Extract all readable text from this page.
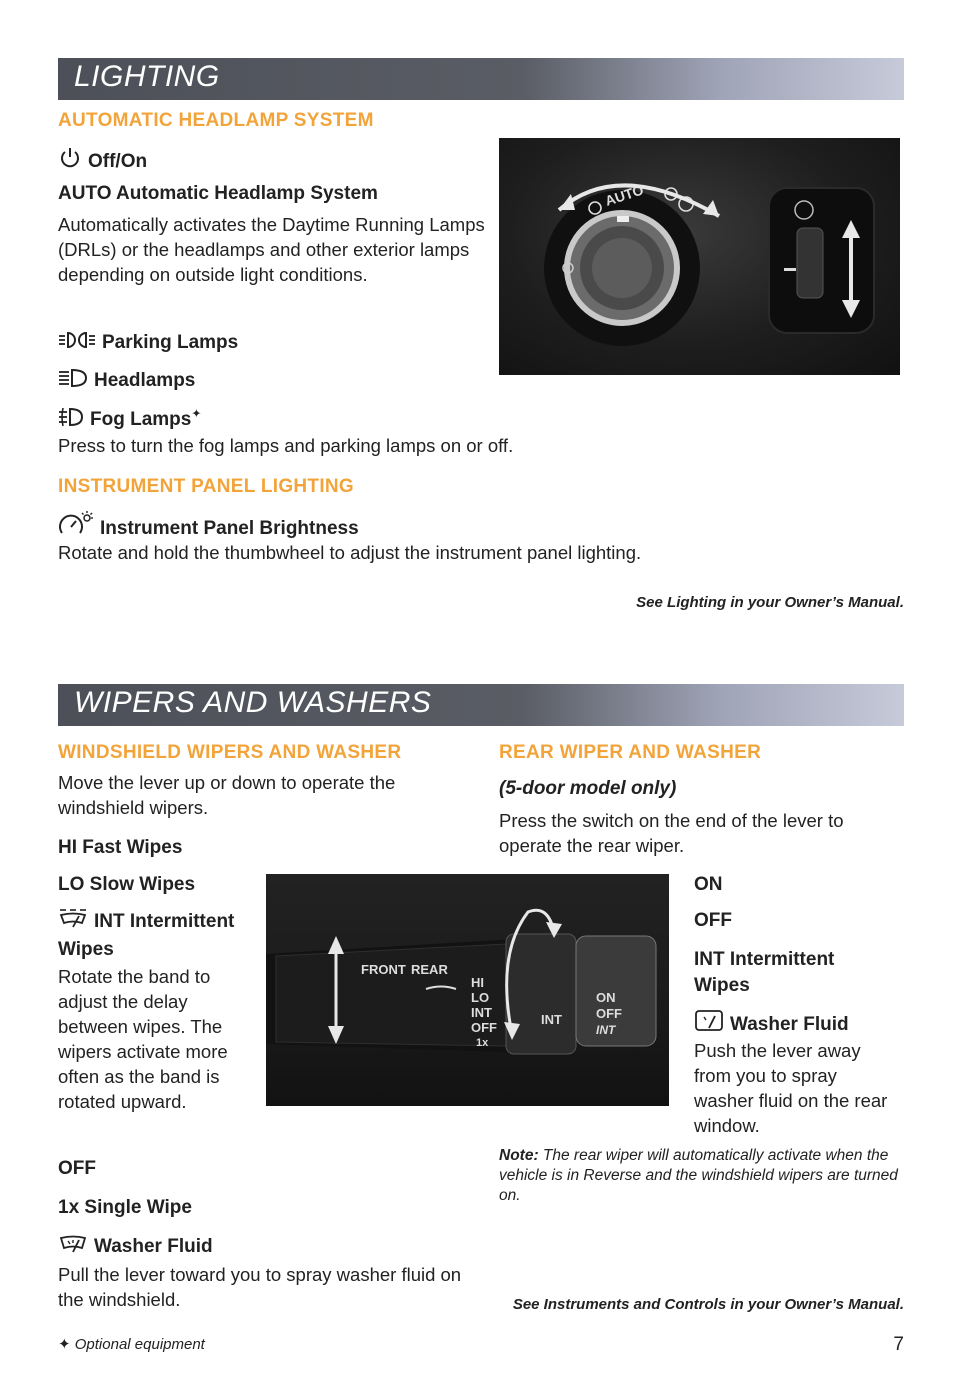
LIGHTING
AUTOMATIC HEADLAMP SYSTEM
Off/On
AUTO Automatic Headlamp System
Automatically activates the Daytime Running Lamps (DRLs) or the headlamps and other exterior lamps depending on outside light conditions.
Parking Lamps
Headlamps
Fog Lamps✦
Press to turn the fog lamps and parking lamps on or off.
AUTO
INSTRUMENT PANEL LIGHTING
Instrument Panel Brightness
Rotate and hold the thumbwheel to adjust the instrument panel lighting.
See Lighting in your Owner’s Manual.
WIPERS AND WASHERS
WINDSHIELD WIPERS AND WASHER
Move the lever up or down to operate the windshield wipers.
HI Fast Wipes
LO Slow Wipes
INT Intermittent Wipes
Rotate the band to adjust the delay between wipes. The wipers activate more often as the band is rotated upward.
OFF
1x Single Wipe
Washer Fluid
Pull the lever toward you to spray washer fluid on the windshield.
REAR WIPER AND WASHER
(5-door model only)
Press the switch on the end of the lever to operate the rear wiper.
ON
OFF
INT Intermittent Wipes
Washer Fluid
Push the lever away from you to spray washer fluid on the rear window.
Note: The rear wiper will automatically activate when the vehicle is in Reverse and the windshield wipers are turned on.
FRONT REAR
HI
LO
INT
OFF
1x
INT
ON
OFF
INT
See Instruments and Controls in your Owner’s Manual.
✦ Optional equipment	7
